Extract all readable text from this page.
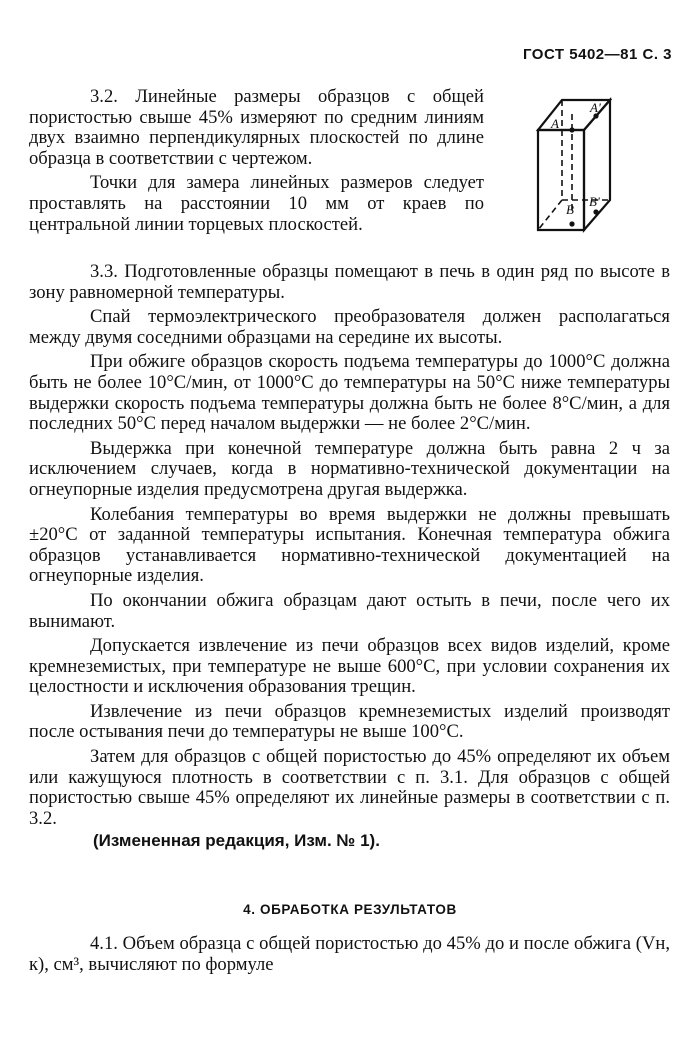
ГОСТ 5402—81 С. 3
A
A'
B
B'

3.2. Линейные размеры образцов с общей пористостью свыше 45% измеряют по средним линиям двух взаимно перпендикулярных плоскостей по длине образца в соответствии с чертежом.

Точки для замера линейных размеров следует проставлять на расстоянии 10 мм от краев по центральной линии торцевых плоскостей.

3.3. Подготовленные образцы помещают в печь в один ряд по высоте в зону равномерной температуры.

Спай термоэлектрического преобразователя должен располагаться между двумя соседними образцами на середине их высоты.

При обжиге образцов скорость подъема температуры до 1000°С должна быть не более 10°С/мин, от 1000°С до температуры на 50°С ниже температуры выдержки скорость подъема температуры должна быть не более 8°С/мин, а для последних 50°С перед началом выдержки — не более 2°С/мин.

Выдержка при конечной температуре должна быть равна 2 ч за исключением случаев, когда в нормативно-технической документации на огнеупорные изделия предусмотрена другая выдержка.

Колебания температуры во время выдержки не должны превышать ±20°С от заданной температуры испытания. Конечная температура обжига образцов устанавливается нормативно-технической документацией на огнеупорные изделия.

По окончании обжига образцам дают остыть в печи, после чего их вынимают.

Допускается извлечение из печи образцов всех видов изделий, кроме кремнеземистых, при температуре не выше 600°С, при условии сохранения их целостности и исключения образования трещин.

Извлечение из печи образцов кремнеземистых изделий производят после остывания печи до температуры не выше 100°С.

Затем для образцов с общей пористостью до 45% определяют их объем или кажущуюся плотность в соответствии с п. 3.1. Для образцов с общей пористостью свыше 45% определяют их линейные размеры в соответствии с п. 3.2.

(Измененная редакция, Изм. № 1).
4. ОБРАБОТКА РЕЗУЛЬТАТОВ

4.1. Объем образца с общей пористостью до 45% до и после обжига (Vн, к), см³, вычисляют по формуле
